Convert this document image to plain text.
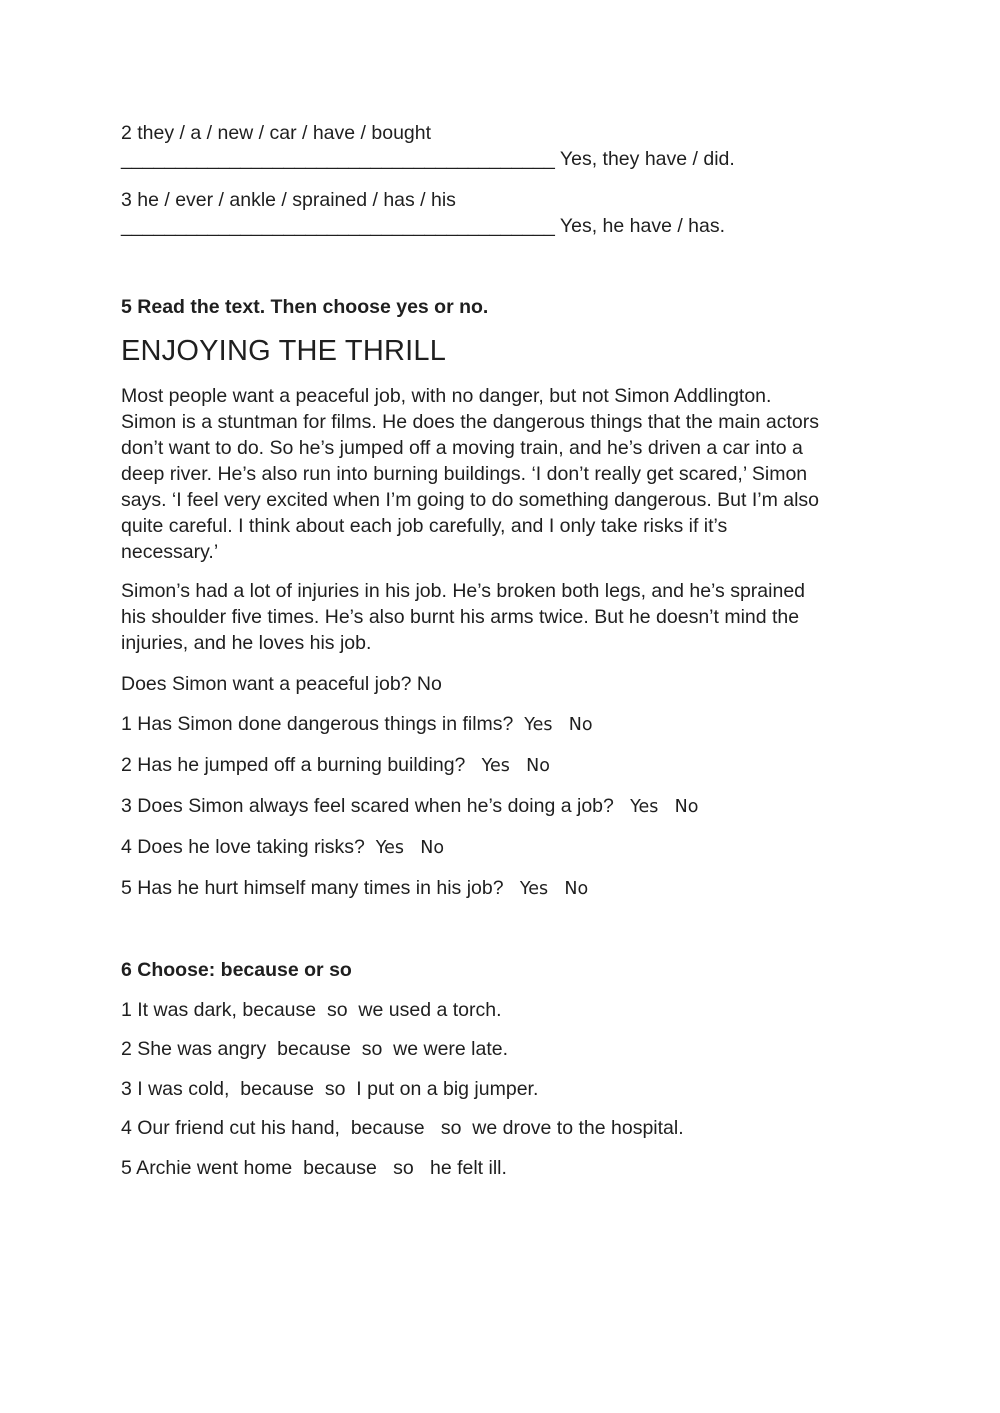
2 they / a / new / car / have / bought
________________________________________ Yes, they have / did.
3 he / ever / ankle / sprained / has / his
________________________________________ Yes, he have / has.
5 Read the text. Then choose yes or no.
ENJOYING THE THRILL
Most people want a peaceful job, with no danger, but not Simon Addlington.
Simon is a stuntman for films. He does the dangerous things that the main actors
don’t want to do. So he’s jumped off a moving train, and he’s driven a car into a
deep river. He’s also run into burning buildings. ‘I don’t really get scared,’ Simon
says. ‘I feel very excited when I’m going to do something dangerous. But I’m also
quite careful. I think about each job carefully, and I only take risks if it’s
necessary.’
Simon’s had a lot of injuries in his job. He’s broken both legs, and he’s sprained
his shoulder five times. He’s also burnt his arms twice. But he doesn’t mind the
injuries, and he loves his job.
Does Simon want a peaceful job? No
1 Has Simon done dangerous things in films? Yes No
2 Has he jumped off a burning building? Yes No
3 Does Simon always feel scared when he’s doing a job? Yes No
4 Does he love taking risks? Yes No
5 Has he hurt himself many times in his job? Yes No
6 Choose: because or so
1 It was dark, because so we used a torch.
2 She was angry because so we were late.
3 I was cold, because so I put on a big jumper.
4 Our friend cut his hand, because so we drove to the hospital.
5 Archie went home because so he felt ill.
